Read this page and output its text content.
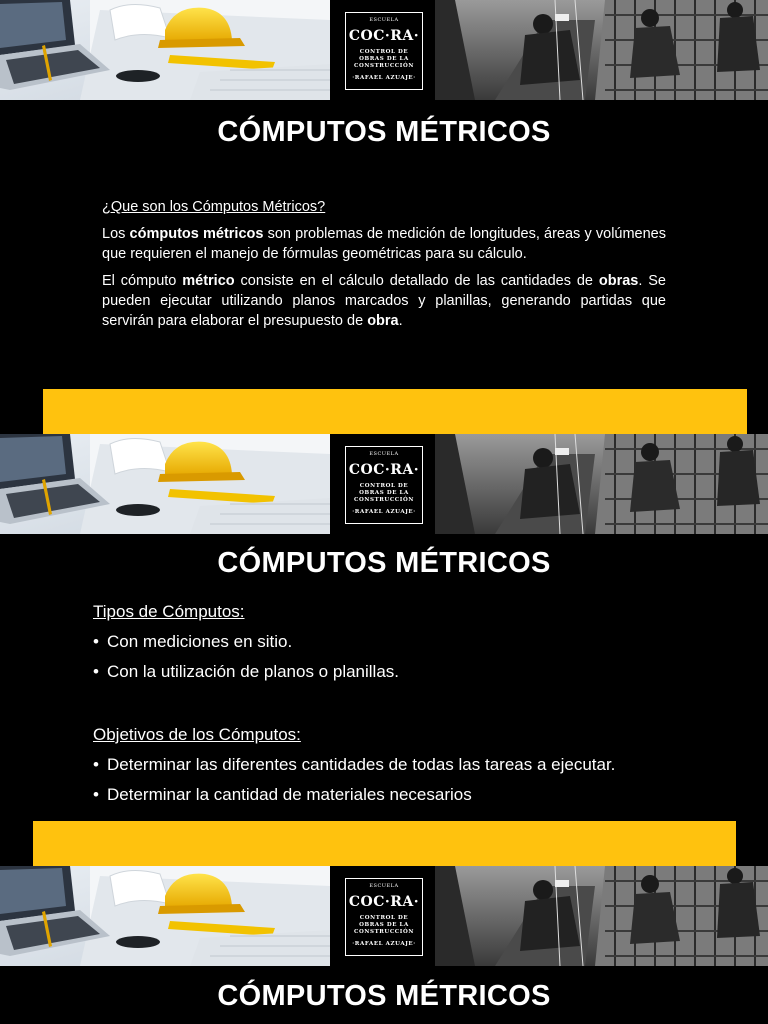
ESCUELA
COC·RA·
CONTROL DE
OBRAS DE LA
CONSTRUCCIÓN
·RAFAEL AZUAJE·
CÓMPUTOS MÉTRICOS
¿Que son los Cómputos Métricos?

Los cómputos métricos son problemas de medición de longitudes, áreas y volúmenes que requieren el manejo de fórmulas geométricas para su cálculo.

El cómputo métrico consiste en el cálculo detallado de las cantidades de obras. Se pueden ejecutar utilizando planos marcados y planillas, generando partidas que servirán para elaborar el presupuesto de obra.

ESCUELA
COC·RA·
CONTROL DE
OBRAS DE LA
CONSTRUCCIÓN
·RAFAEL AZUAJE·
CÓMPUTOS MÉTRICOS
Tipos de Cómputos:
• Con mediciones en sitio.
• Con la utilización de planos o planillas.
Objetivos de los Cómputos:
• Determinar las diferentes cantidades de todas las tareas a ejecutar.
• Determinar la cantidad de materiales necesarios
ESCUELA
COC·RA·
CONTROL DE
OBRAS DE LA
CONSTRUCCIÓN
·RAFAEL AZUAJE·
CÓMPUTOS MÉTRICOS
